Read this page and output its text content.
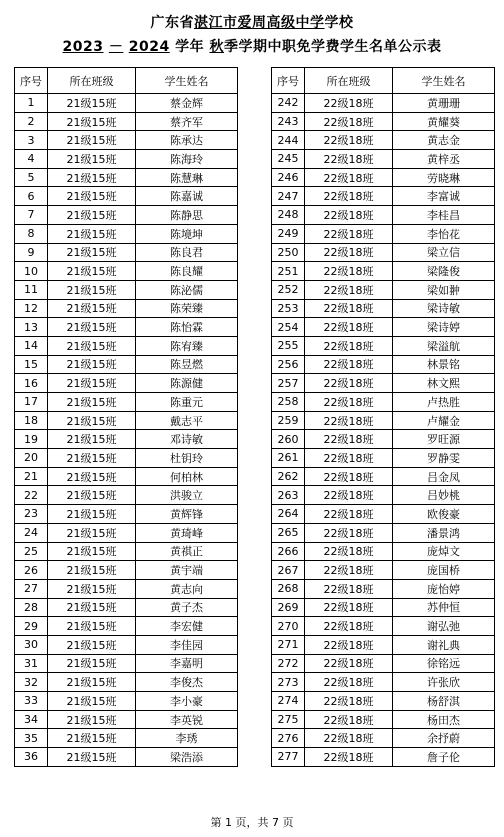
广东省湛江市爱周高级中学学校
2023 － 2024 学年 秋季学期中职免学费学生名单公示表
序号	所在班级	学生姓名
1	21级15班	蔡金辉
2	21级15班	蔡齐军
3	21级15班	陈承达
4	21级15班	陈海玲
5	21级15班	陈慧琳
6	21级15班	陈嘉诚
7	21级15班	陈静思
8	21级15班	陈境坤
9	21级15班	陈良君
10	21级15班	陈良耀
11	21级15班	陈泌儒
12	21级15班	陈荣臻
13	21级15班	陈怡霖
14	21级15班	陈宥臻
15	21级15班	陈昱燃
16	21级15班	陈源健
17	21级15班	陈重元
18	21级15班	戴志平
19	21级15班	邓诗敏
20	21级15班	杜钥玲
21	21级15班	何柏林
22	21级15班	洪骏立
23	21级15班	黄辉锋
24	21级15班	黄琦峰
25	21级15班	黄祺正
26	21级15班	黄宇端
27	21级15班	黄志向
28	21级15班	黄子杰
29	21级15班	李宏健
30	21级15班	李佳园
31	21级15班	李嘉明
32	21级15班	李俊杰
33	21级15班	李小豪
34	21级15班	李英锐
35	21级15班	李琇
36	21级15班	梁浩添
序号	所在班级	学生姓名
242	22级18班	黄珊珊
243	22级18班	黄耀葵
244	22级18班	黄志金
245	22级18班	黄梓丞
246	22级18班	劳晓琳
247	22级18班	李富诚
248	22级18班	李桂昌
249	22级18班	李怡花
250	22级18班	梁立信
251	22级18班	梁隆俊
252	22级18班	梁如翀
253	22级18班	梁诗敏
254	22级18班	梁诗婷
255	22级18班	梁溢航
256	22级18班	林景铭
257	22级18班	林文熙
258	22级18班	卢热胜
259	22级18班	卢耀金
260	22级18班	罗旺源
261	22级18班	罗静雯
262	22级18班	吕金凤
263	22级18班	吕妙桃
264	22级18班	欧俊豪
265	22级18班	潘景鸿
266	22级18班	庞焯文
267	22级18班	庞国桥
268	22级18班	庞怡婷
269	22级18班	苏仲恒
270	22级18班	谢弘弛
271	22级18班	谢礼典
272	22级18班	徐铭远
273	22级18班	许张欣
274	22级18班	杨舒淇
275	22级18班	杨田杰
276	22级18班	余抒蔚
277	22级18班	詹子伦
第 1 页，共 7 页
